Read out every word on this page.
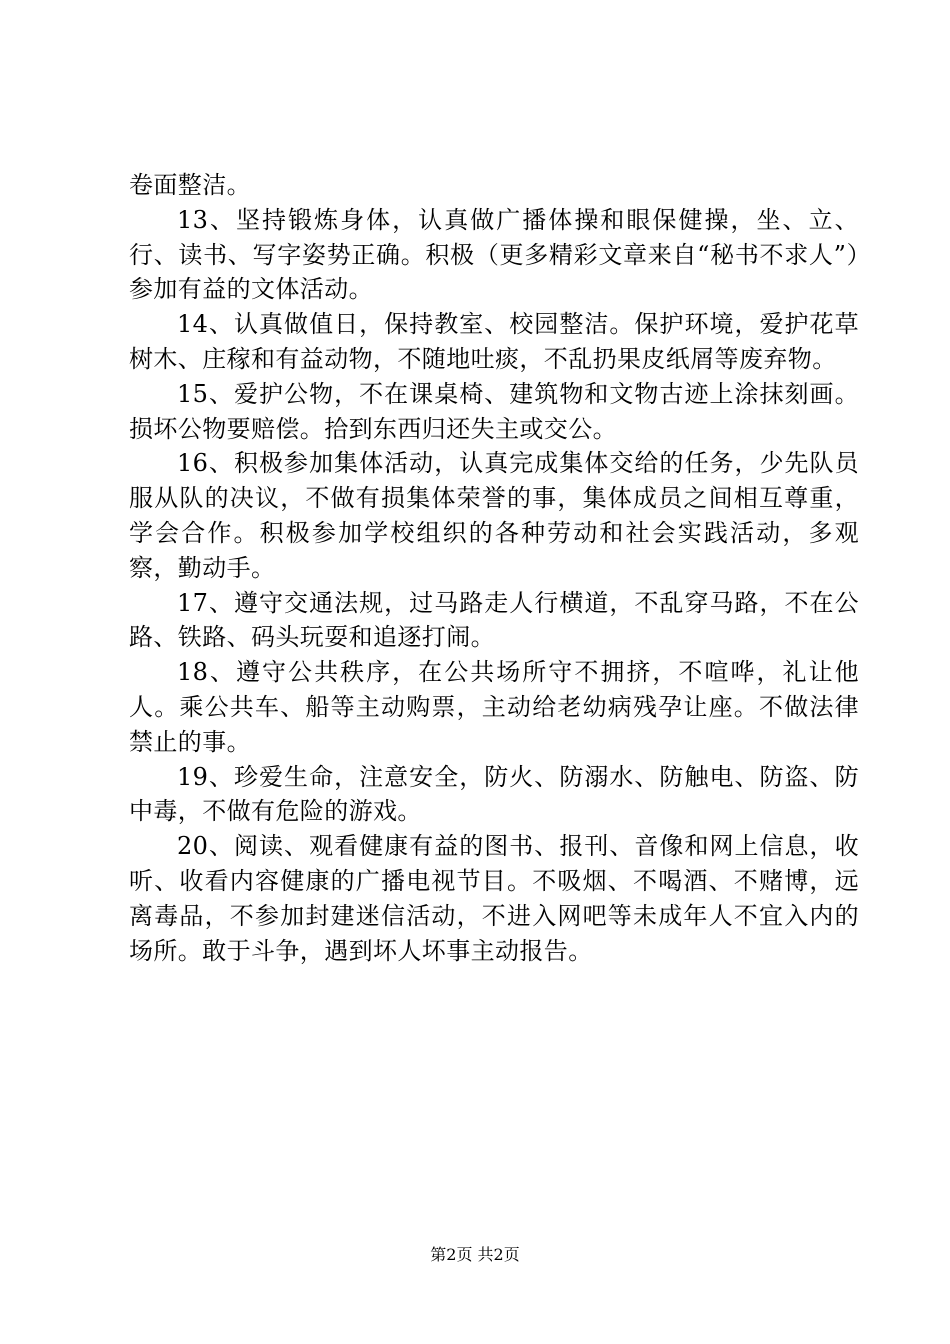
卷面整洁。

13、坚持锻炼身体，认真做广播体操和眼保健操，坐、立、行、读书、写字姿势正确。积极（更多精彩文章来自“秘书不求人”）参加有益的文体活动。

14、认真做值日，保持教室、校园整洁。保护环境，爱护花草树木、庄稼和有益动物，不随地吐痰，不乱扔果皮纸屑等废弃物。

15、爱护公物，不在课桌椅、建筑物和文物古迹上涂抹刻画。损坏公物要赔偿。拾到东西归还失主或交公。

16、积极参加集体活动，认真完成集体交给的任务，少先队员服从队的决议，不做有损集体荣誉的事，集体成员之间相互尊重，学会合作。积极参加学校组织的各种劳动和社会实践活动，多观察，勤动手。

17、遵守交通法规，过马路走人行横道，不乱穿马路，不在公路、铁路、码头玩耍和追逐打闹。

18、遵守公共秩序，在公共场所守不拥挤，不喧哗，礼让他人。乘公共车、船等主动购票，主动给老幼病残孕让座。不做法律禁止的事。

19、珍爱生命，注意安全，防火、防溺水、防触电、防盗、防中毒，不做有危险的游戏。

20、阅读、观看健康有益的图书、报刊、音像和网上信息，收听、收看内容健康的广播电视节目。不吸烟、不喝酒、不赌博，远离毒品，不参加封建迷信活动，不进入网吧等未成年人不宜入内的场所。敢于斗争，遇到坏人坏事主动报告。

第2页 共2页
